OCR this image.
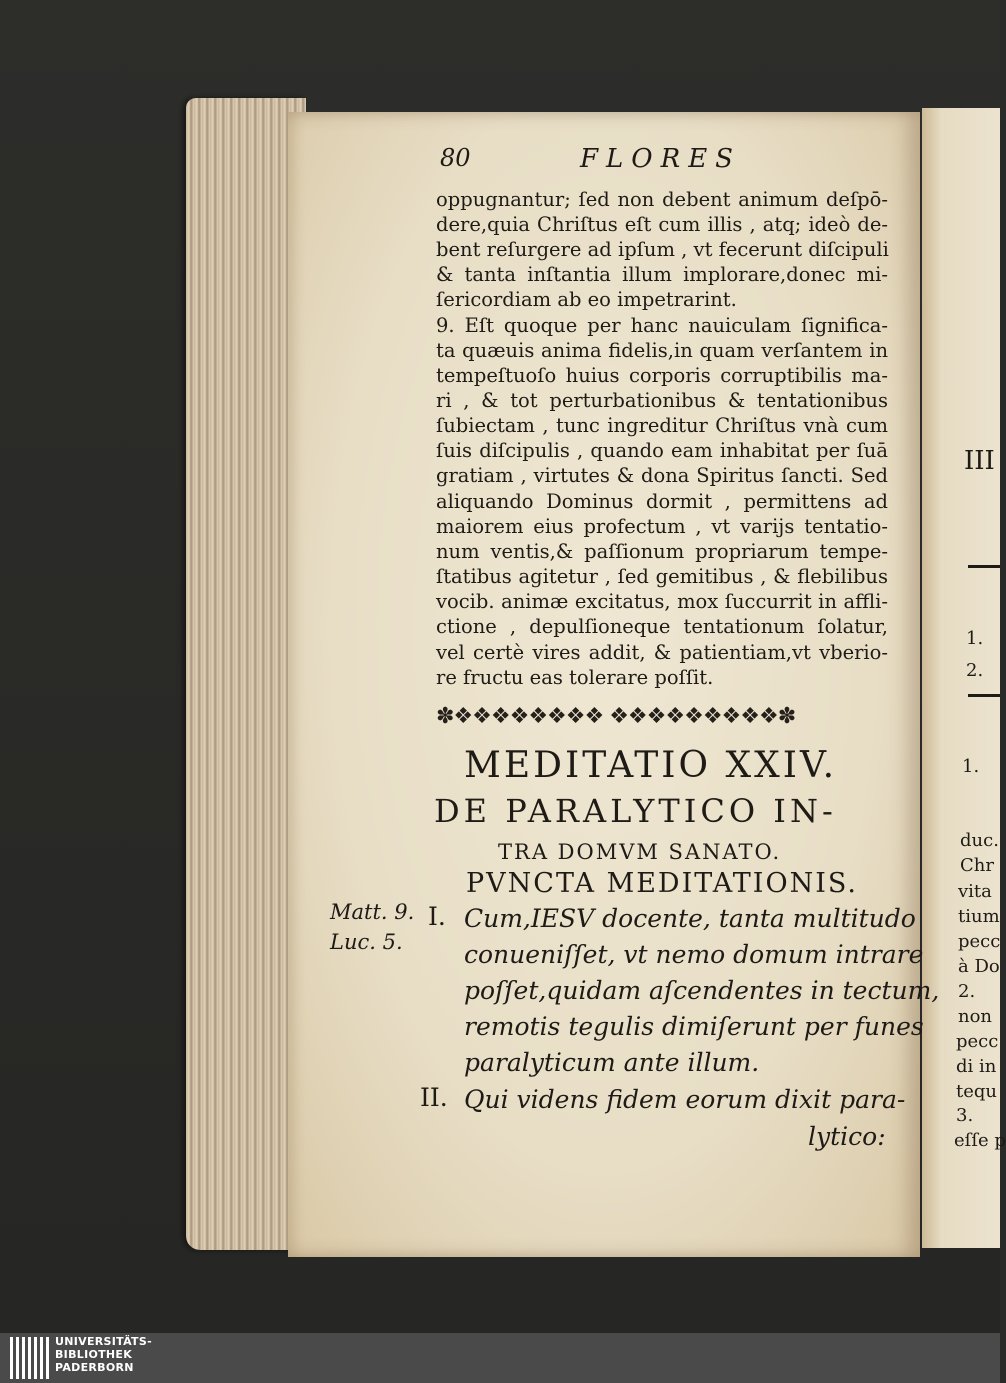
80	FLORES
oppugnantur; ſed non debent animum deſpō-
dere,quia Chriſtus eſt cum illis , atq; ideò de-
bent reſurgere ad ipſum , vt fecerunt diſcipuli
& tanta inſtantia illum implorare,donec mi-
ſericordiam ab eo impetrarint.
9. Eſt quoque per hanc nauiculam ſignifica-
ta quæuis anima fidelis,in quam verſantem in
tempeſtuoſo huius corporis corruptibilis ma-
ri , & tot perturbationibus & tentationibus
ſubiectam , tunc ingreditur Chriſtus vnà cum
ſuis diſcipulis , quando eam inhabitat per ſuā
gratiam , virtutes & dona Spiritus ſancti. Sed
aliquando Dominus dormit , permittens ad
maiorem eius profectum , vt varijs tentatio-
num ventis,& paſſionum propriarum tempe-
ſtatibus agitetur , ſed gemitibus , & flebilibus
vocib. animæ excitatus, mox ſuccurrit in affli-
ctione , depulſioneque tentationum ſolatur,
vel certè vires addit, & patientiam,vt vberio-
re fructu eas tolerare poſſit.
✽❖❖❖❖❖❖❖❖ ❖❖❖❖❖❖❖❖❖✽
MEDITATIO XXIV.
DE PARALYTICO IN-
TRA DOMVM SANATO.
PVNCTA MEDITATIONIS.
Matt. 9.
Luc. 5.
I. Cum,IESV docente, tanta multitudo
conueniſſet, vt nemo domum intrare
poſſet,quidam aſcendentes in tectum,
remotis tegulis dimiſerunt per funes
paralyticum ante illum.
II. Qui videns fidem eorum dixit para-
lyticο:
III
1.
2.
1.
duc.
Chr
vita
tium
pecc
à Do
2.
non
pecc
di in
tequ
3.
eſſe p
UNIVERSITÄTS-
BIBLIOTHEK
PADERBORN
